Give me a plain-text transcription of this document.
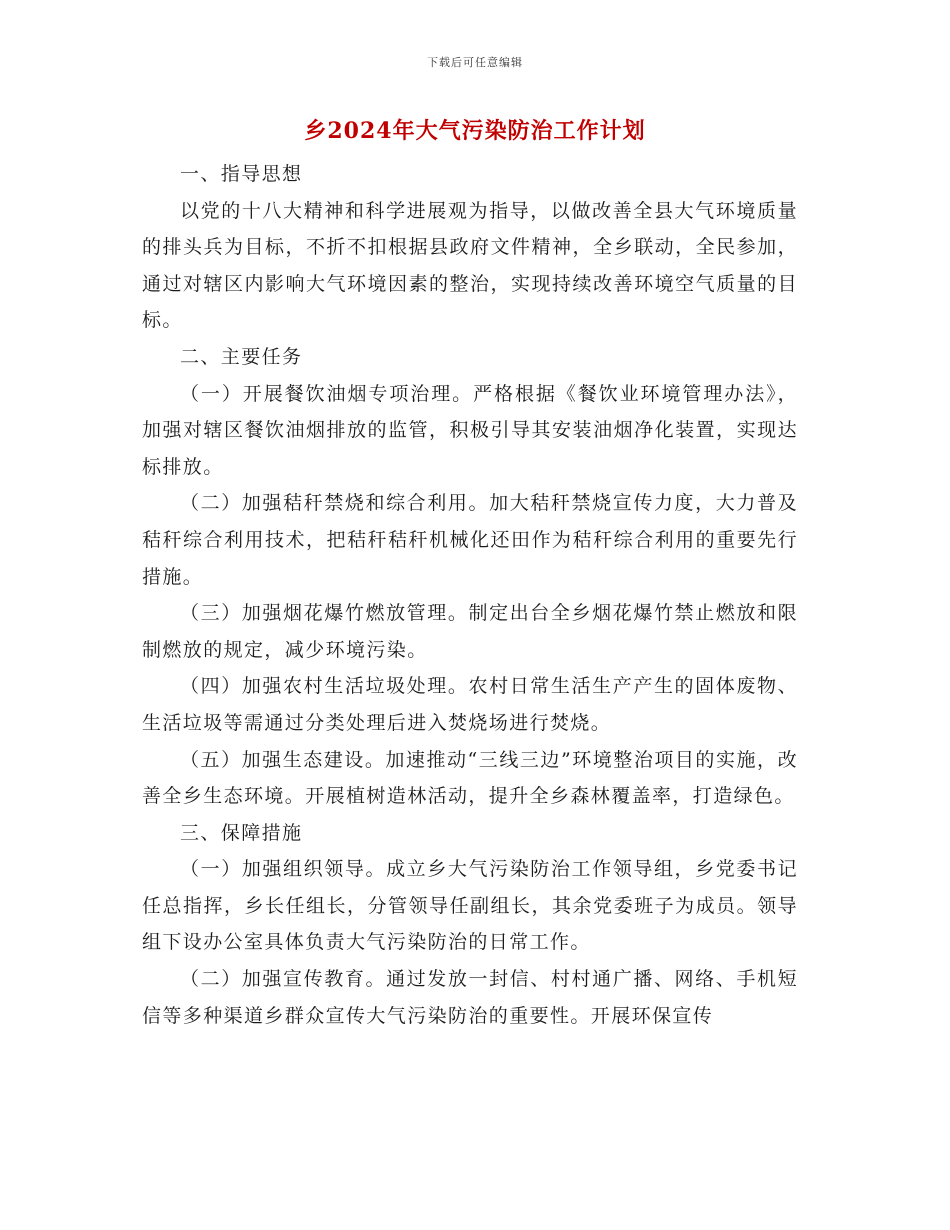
下载后可任意编辑
乡2024年大气污染防治工作计划

一、指导思想

以党的十八大精神和科学进展观为指导，以做改善全县大气环境质量的排头兵为目标，不折不扣根据县政府文件精神，全乡联动，全民参加，通过对辖区内影响大气环境因素的整治，实现持续改善环境空气质量的目标。

二、主要任务

（一）开展餐饮油烟专项治理。严格根据《餐饮业环境管理办法》，加强对辖区餐饮油烟排放的监管，积极引导其安装油烟净化装置，实现达标排放。

（二）加强秸秆禁烧和综合利用。加大秸秆禁烧宣传力度，大力普及秸秆综合利用技术，把秸秆秸秆机械化还田作为秸秆综合利用的重要先行措施。

（三）加强烟花爆竹燃放管理。制定出台全乡烟花爆竹禁止燃放和限制燃放的规定，减少环境污染。

（四）加强农村生活垃圾处理。农村日常生活生产产生的固体废物、生活垃圾等需通过分类处理后进入焚烧场进行焚烧。

（五）加强生态建设。加速推动“三线三边”环境整治项目的实施，改善全乡生态环境。开展植树造林活动，提升全乡森林覆盖率，打造绿色。

三、保障措施

（一）加强组织领导。成立乡大气污染防治工作领导组，乡党委书记任总指挥，乡长任组长，分管领导任副组长，其余党委班子为成员。领导组下设办公室具体负责大气污染防治的日常工作。

（二）加强宣传教育。通过发放一封信、村村通广播、网络、手机短信等多种渠道乡群众宣传大气污染防治的重要性。开展环保宣传
